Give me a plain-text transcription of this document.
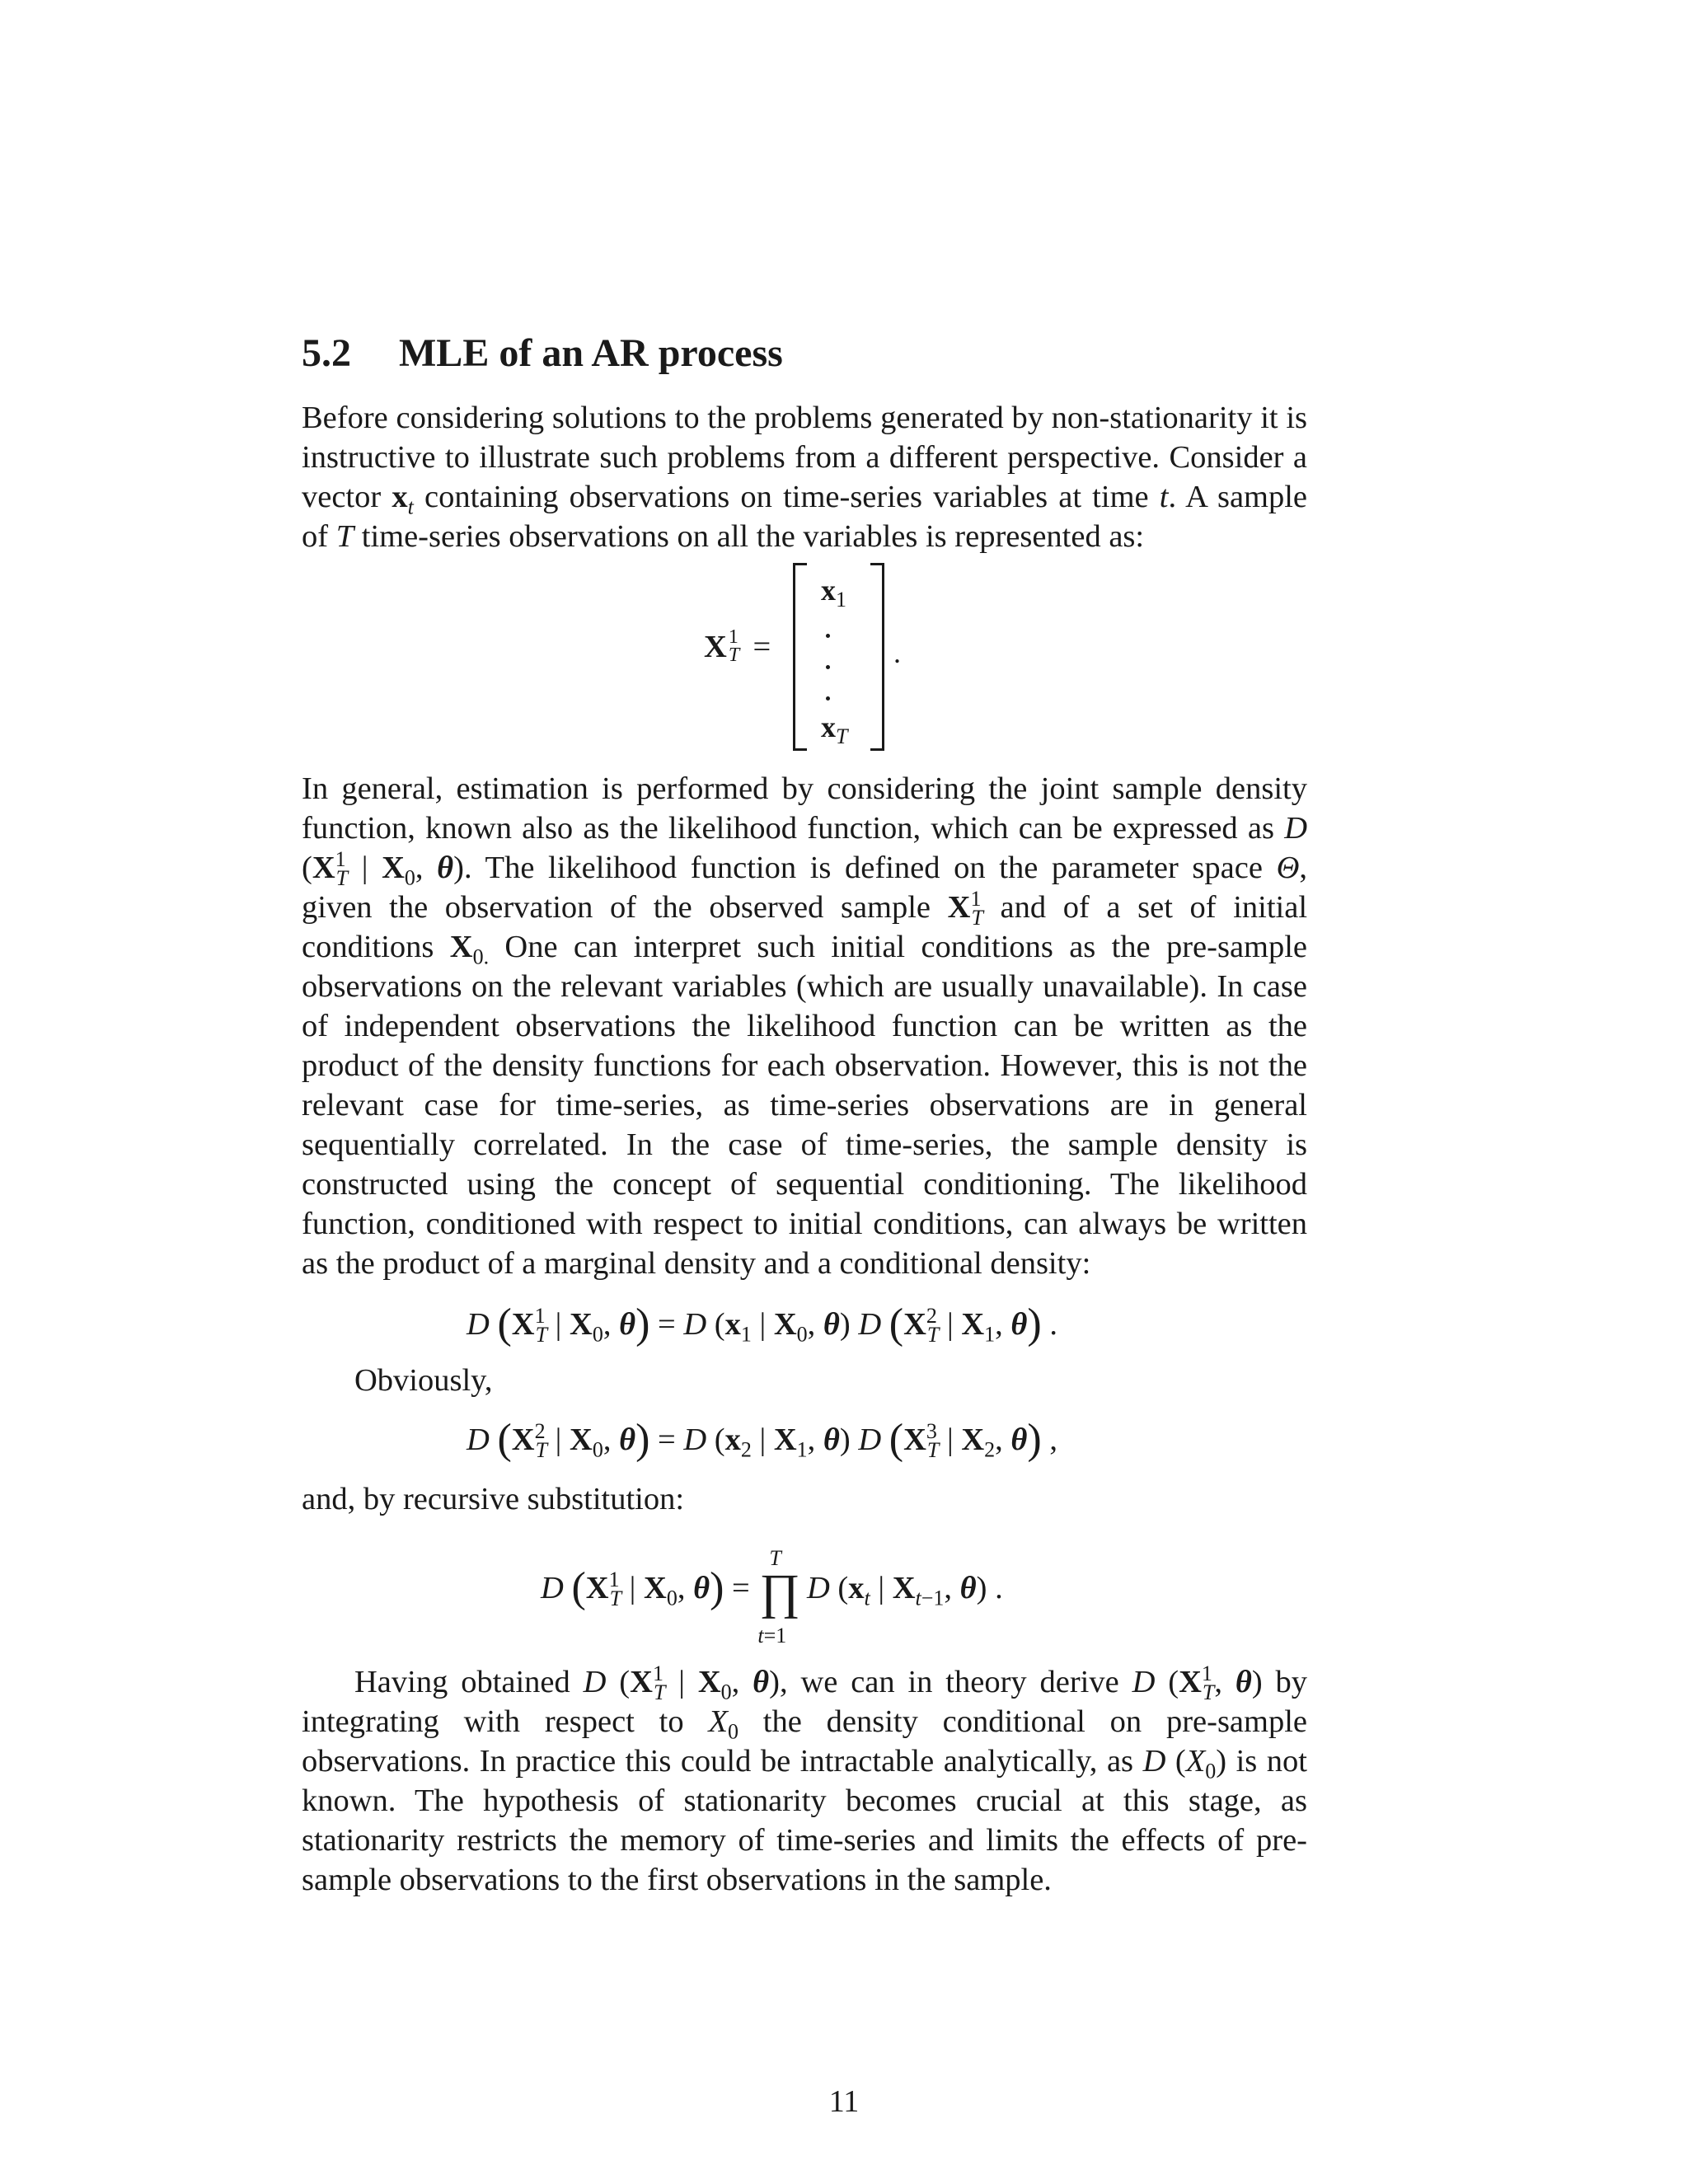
5.2 MLE of an AR process

Before considering solutions to the problems generated by non-stationarity it is instructive to illustrate such problems from a different perspective. Consider a vector $x_t$ containing observations on time-series variables at time t. A sample of T time-series observations on all the variables is represented as:

X 1
T =
$x_1$
$x_T$
.

In general, estimation is performed by considering the joint sample density function, known also as the likelihood function, which can be expressed as D ($X^1_T$ | $X_0$, θ). The likelihood function is defined on the parameter space Θ, given the observation of the observed sample $X^1_T$ and of a set of initial conditions $X_{0.}$ One can interpret such initial conditions as the pre-sample observations on the relevant variables (which are usually unavailable). In case of independent observations the likelihood function can be written as the product of the density functions for each observation. However, this is not the relevant case for time-series, as time-series observations are in general sequentially correlated. In the case of time-series, the sample density is constructed using the concept of sequential conditioning. The likelihood function, conditioned with respect to initial conditions, can always be written as the product of a marginal density and a conditional density:

D ($X^1_T$ | $X_0$, θ) = D ($x_1$ | $X_0$, θ) D ($X^2_T$ | $X_1$, θ) .
Obviously,
D ($X^2_T$ | $X_0$, θ) = D ($x_2$ | $X_1$, θ) D ($X^3_T$ | $X_2$, θ) ,
and, by recursive substitution:
D ($X^1_T$ | $X_0$, θ) =
T
∏
t=1
D ($x_t$ | $X_{t-1}$, θ) .

Having obtained D ($X^1_T$ | $X_0$, θ), we can in theory derive D ($X^1_T$, θ) by integrating with respect to $X_0$ the density conditional on pre-sample observations. In practice this could be intractable analytically, as D $(X_0)$ is not known. The hypothesis of stationarity becomes crucial at this stage, as stationarity restricts the memory of time-series and limits the effects of pre-sample observations to the first observations in the sample.

11
